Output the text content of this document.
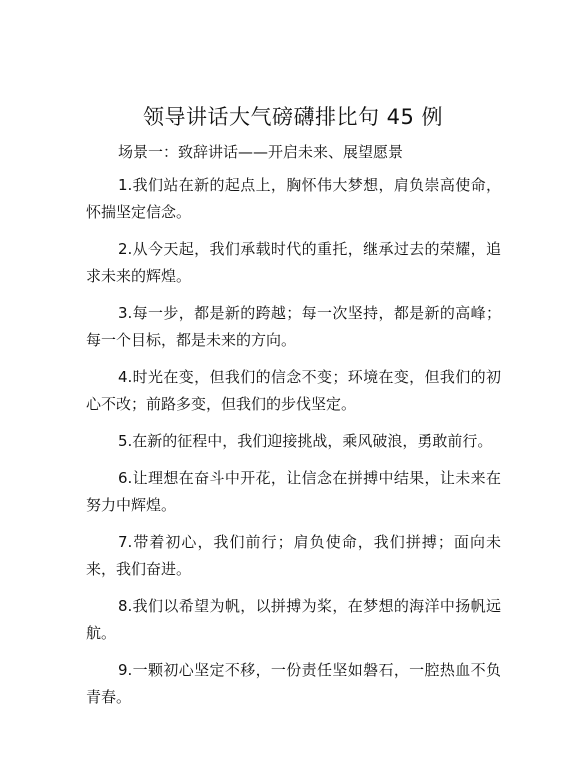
领导讲话大气磅礴排比句 45 例
场景一：致辞讲话——开启未来、展望愿景

1.我们站在新的起点上，胸怀伟大梦想，肩负崇高使命，怀揣坚定信念。

2.从今天起，我们承载时代的重托，继承过去的荣耀，追求未来的辉煌。

3.每一步，都是新的跨越；每一次坚持，都是新的高峰；每一个目标，都是未来的方向。

4.时光在变，但我们的信念不变；环境在变，但我们的初心不改；前路多变，但我们的步伐坚定。

5.在新的征程中，我们迎接挑战，乘风破浪，勇敢前行。

6.让理想在奋斗中开花，让信念在拼搏中结果，让未来在努力中辉煌。

7.带着初心，我们前行；肩负使命，我们拼搏；面向未来，我们奋进。

8.我们以希望为帆，以拼搏为桨，在梦想的海洋中扬帆远航。

9.一颗初心坚定不移，一份责任坚如磐石，一腔热血不负青春。
